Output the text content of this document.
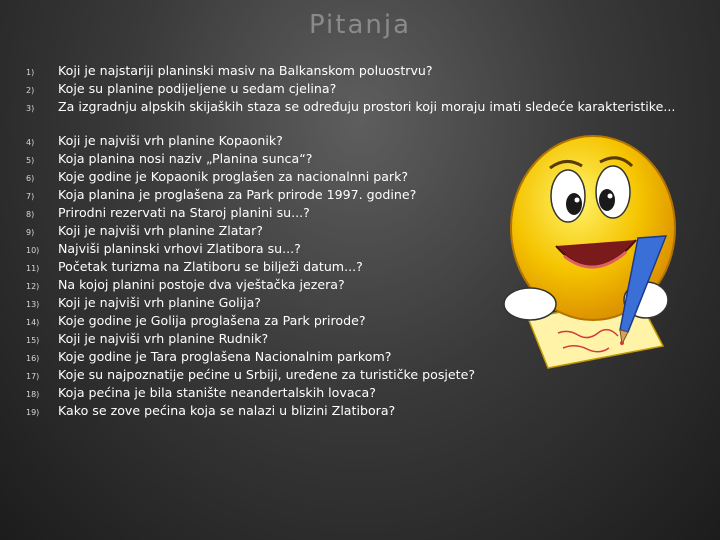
Pitanja
1)	Koji je najstariji planinski masiv na Balkanskom poluostrvu?
2)	Koje su planine podijeljene u sedam cjelina?
3)	Za izgradnju alpskih skijaških staza se određuju prostori koji moraju imati sledeće karakteristike...
4)	Koji je najviši vrh planine Kopaonik?
5)	Koja planina nosi naziv „Planina sunca“?
6)	Koje godine je Kopaonik proglašen za nacionalnni park?
7)	Koja planina je proglašena za Park prirode 1997. godine?
8)	Prirodni rezervati na Staroj planini su...?
9)	Koji je najviši vrh planine Zlatar?
10)	Najviši planinski vrhovi Zlatibora su...?
11)	Početak turizma na Zlatiboru se bilježi datum...?
12)	Na kojoj planini postoje dva vještačka jezera?
13)	Koji je najviši vrh planine Golija?
14)	Koje godine je Golija proglašena za Park prirode?
15)	Koji je najviši vrh planine Rudnik?
16)	Koje godine je Tara proglašena Nacionalnim parkom?
17)	Koje su najpoznatije pećine u Srbiji, uređene za turističke posjete?
18)	Koja pećina je bila stanište neandertalskih lovaca?
19)	Kako se zove pećina koja se nalazi u blizini Zlatibora?
